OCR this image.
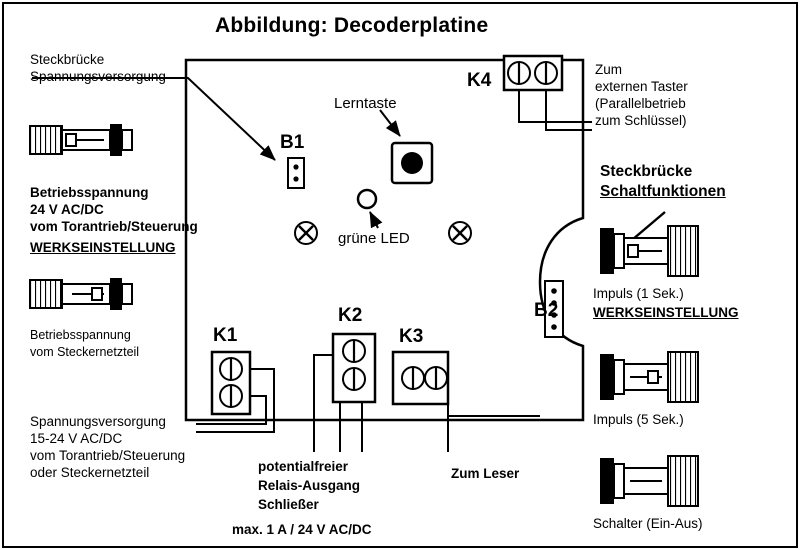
Abbildung: Decoderplatine
Steckbrücke
Spannungsversorgung
Betriebsspannung
24 V AC/DC
vom Torantrieb/Steuerung
WERKSEINSTELLUNG
Betriebsspannung
vom Steckernetzteil
Spannungsversorgung
15-24 V AC/DC
vom Torantrieb/Steuerung
oder Steckernetzteil	potentialfreier
Relais-Ausgang
Schließer
max. 1 A / 24 V AC/DC
Zum Leser
Zum
externen Taster
(Parallelbetrieb
zum Schlüssel)
Steckbrücke
Schaltfunktionen
Impuls (1 Sek.)
WERKSEINSTELLUNG
Impuls (5 Sek.)
Schalter (Ein-Aus)
B1
B2
K4
K1
K2
K3
Lerntaste
grüne LED
